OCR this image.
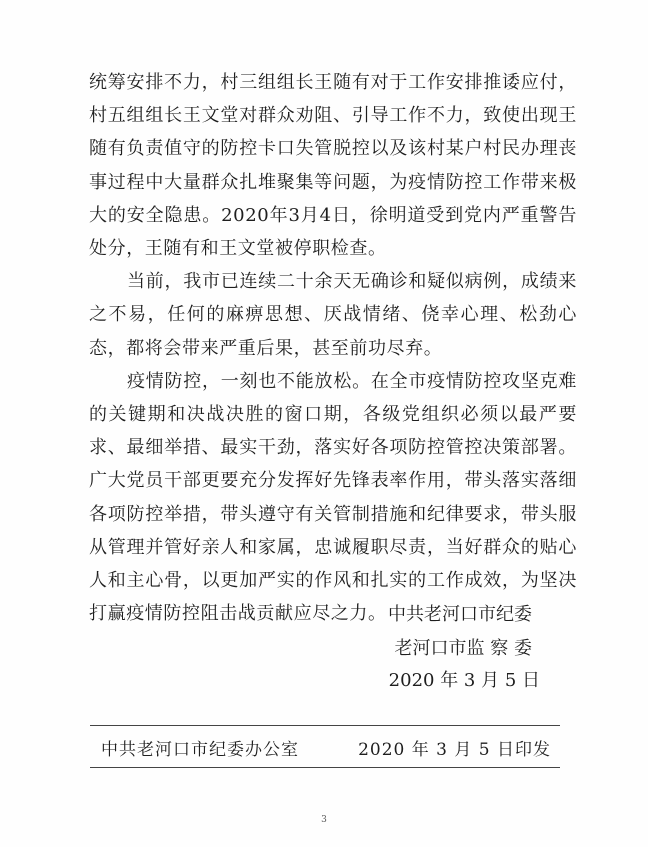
统筹安排不力，村三组组长王随有对于工作安排推诿应付，村五组组长王文堂对群众劝阻、引导工作不力，致使出现王随有负责值守的防控卡口失管脱控以及该村某户村民办理丧事过程中大量群众扎堆聚集等问题，为疫情防控工作带来极大的安全隐患。2020年3月4日，徐明道受到党内严重警告处分，王随有和王文堂被停职检查。

当前，我市已连续二十余天无确诊和疑似病例，成绩来之不易，任何的麻痹思想、厌战情绪、侥幸心理、松劲心态，都将会带来严重后果，甚至前功尽弃。

疫情防控，一刻也不能放松。在全市疫情防控攻坚克难的关键期和决战决胜的窗口期，各级党组织必须以最严要求、最细举措、最实干劲，落实好各项防控管控决策部署。广大党员干部更要充分发挥好先锋表率作用，带头落实落细各项防控举措，带头遵守有关管制措施和纪律要求，带头服从管理并管好亲人和家属，忠诚履职尽责，当好群众的贴心人和主心骨，以更加严实的作风和扎实的工作成效，为坚决打赢疫情防控阻击战贡献应尽之力。 中共老河口市纪委
老河口市监 察 委
2020 年 3 月 5 日
中共老河口市纪委办公室	2020 年 3 月 5 日印发
3
